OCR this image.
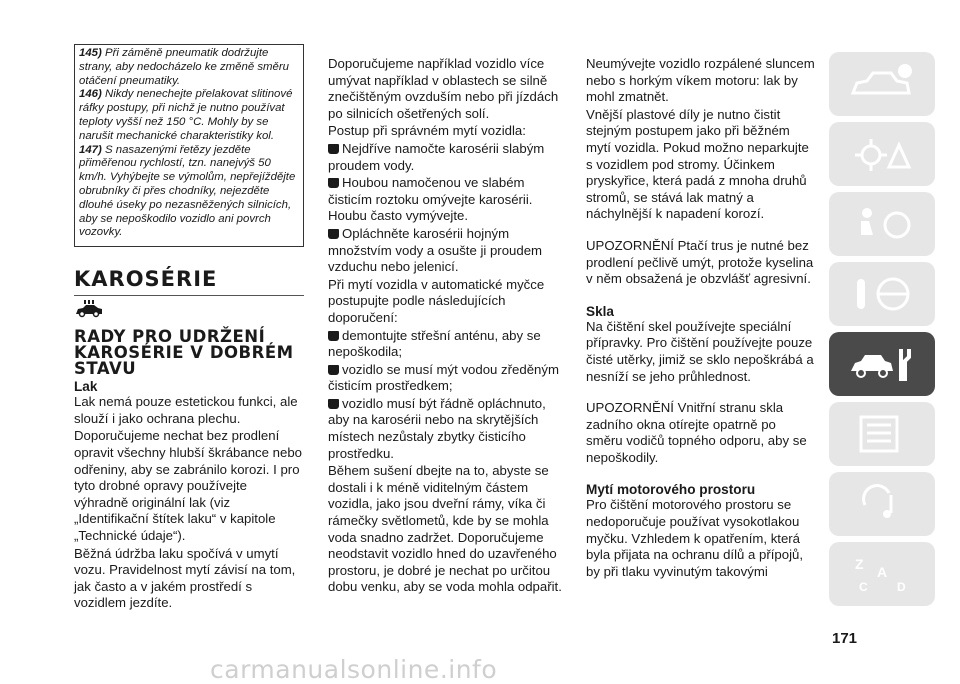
145) Při záměně pneumatik dodržujte strany, aby nedocházelo ke změně směru otáčení pneumatiky.
146) Nikdy nenechejte přelakovat slitinové ráfky postupy, při nichž je nutno používat teploty vyšší než 150 °C. Mohly by se narušit mechanické charakteristiky kol.
147) S nasazenými řetězy jezděte přiměřenou rychlostí, tzn. nanejvýš 50 km/h. Vyhýbejte se výmolům, nepřejíždějte obrubníky či přes chodníky, nejezděte dlouhé úseky po nezasněžených silnicích, aby se nepoškodilo vozidlo ani povrch vozovky.
KAROSÉRIE
RADY PRO UDRŽENÍ KAROSÉRIE V DOBRÉM STAVU
Lak

Lak nemá pouze estetickou funkci, ale slouží i jako ochrana plechu.

Doporučujeme nechat bez prodlení opravit všechny hlubší škrábance nebo odřeniny, aby se zabránilo korozi. I pro tyto drobné opravy používejte výhradně originální lak (viz „Identifikační štítek laku“ v kapitole „Technické údaje“).

Běžná údržba laku spočívá v umytí vozu. Pravidelnost mytí závisí na tom, jak často a v jakém prostředí s vozidlem jezdíte.

Doporučujeme například vozidlo více umývat například v oblastech se silně znečištěným ovzduším nebo při jízdách po silnicích ošetřených solí.

Postup při správném mytí vozidla:

Nejdříve namočte karosérii slabým proudem vody.

Houbou namočenou ve slabém čisticím roztoku omývejte karosérii. Houbu často vymývejte.

Opláchněte karosérii hojným množstvím vody a osušte ji proudem vzduchu nebo jelenicí.

Při mytí vozidla v automatické myčce postupujte podle následujících doporučení:

demontujte střešní anténu, aby se nepoškodila;

vozidlo se musí mýt vodou zředěným čisticím prostředkem;

vozidlo musí být řádně opláchnuto, aby na karosérii nebo na skrytějších místech nezůstaly zbytky čisticího prostředku.

Během sušení dbejte na to, abyste se dostali i k méně viditelným částem vozidla, jako jsou dveřní rámy, víka či rámečky světlometů, kde by se mohla voda snadno zadržet. Doporučujeme neodstavit vozidlo hned do uzavřeného prostoru, je dobré je nechat po určitou dobu venku, aby se voda mohla odpařit.

Neumývejte vozidlo rozpálené sluncem nebo s horkým víkem motoru: lak by mohl zmatnět.

Vnější plastové díly je nutno čistit stejným postupem jako při běžném mytí vozidla. Pokud možno neparkujte s vozidlem pod stromy. Účinkem pryskyřice, která padá z mnoha druhů stromů, se stává lak matný a náchylnější k napadení korozí.

UPOZORNĚNÍ Ptačí trus je nutné bez prodlení pečlivě umýt, protože kyselina v něm obsažená je obzvlášť agresivní.

Skla

Na čištění skel používejte speciální přípravky. Pro čištění používejte pouze čisté utěrky, jimiž se sklo nepoškrábá a nesníží se jeho průhlednost.

UPOZORNĚNÍ Vnitřní stranu skla zadního okna otírejte opatrně po směru vodičů topného odporu, aby se nepoškodily.

Mytí motorového prostoru

Pro čištění motorového prostoru se nedoporučuje používat vysokotlakou myčku. Vzhledem k opatřením, která byla přijata na ochranu dílů a přípojů, by při tlaku vyvinutým takovými	Z A
D
C
171
carmanualsonline.info
